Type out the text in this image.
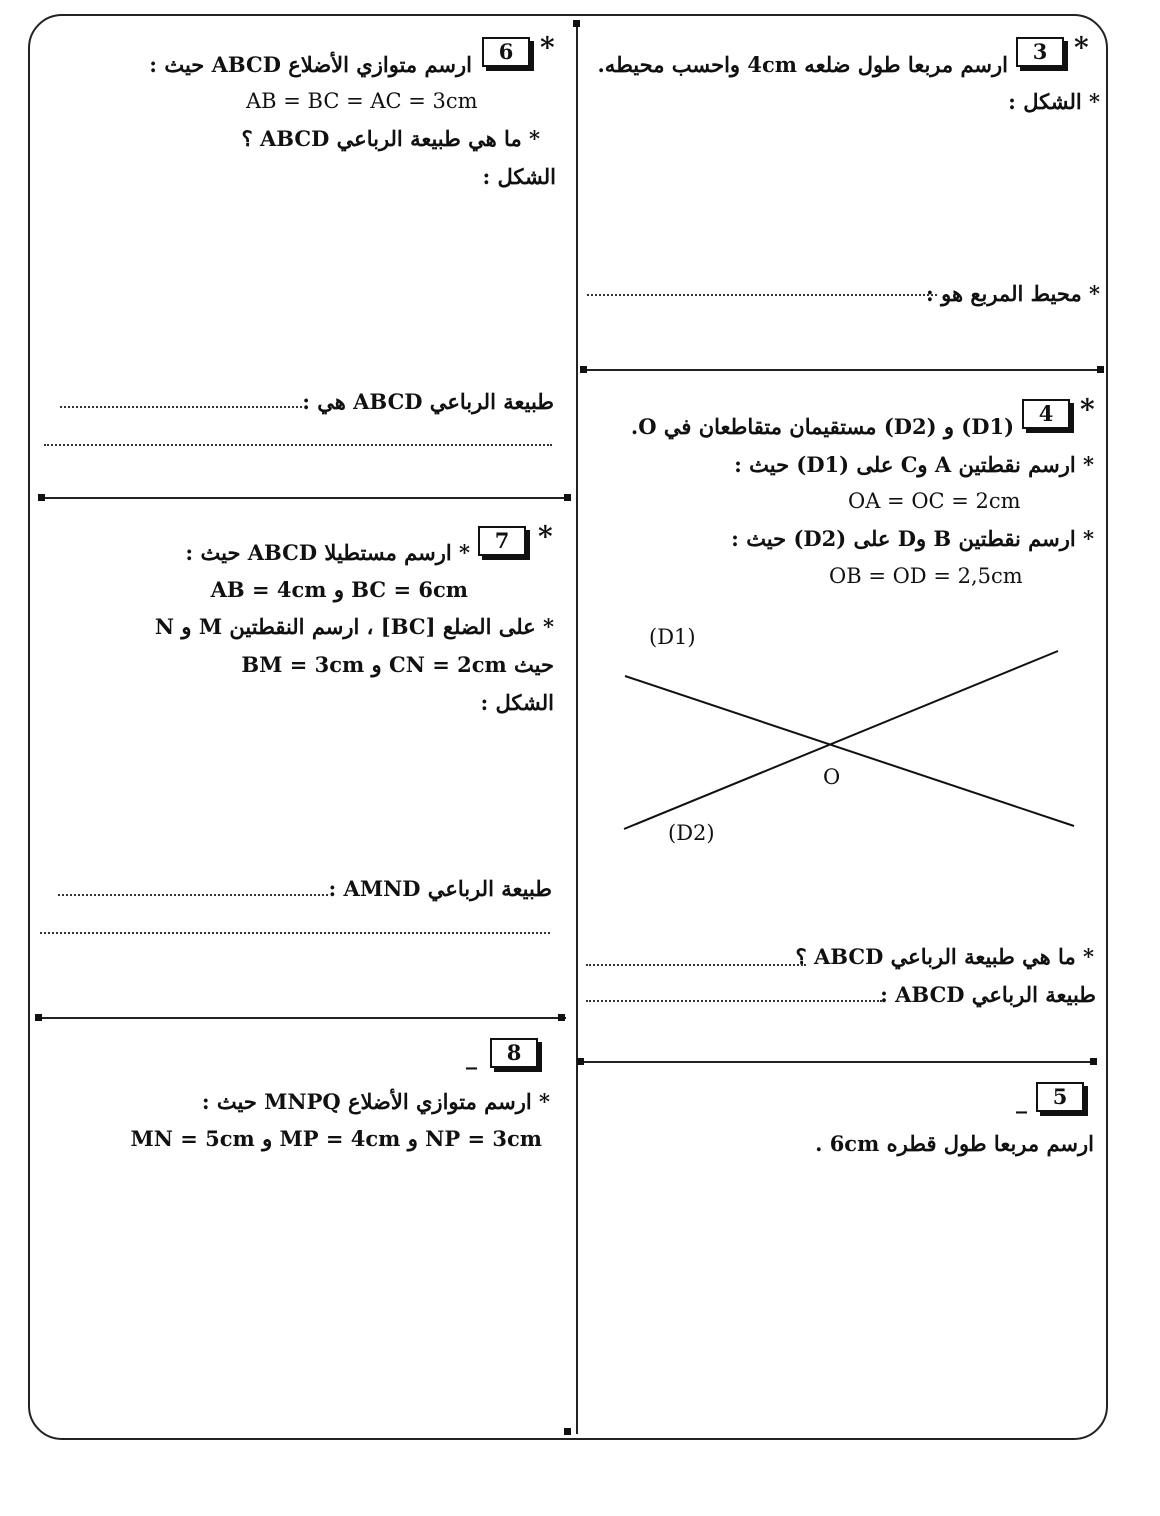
*
3
ارسم مربعا طول ضلعه 4cm واحسب محيطه.
* الشكل :
* محيط المربع هو :
*
4
(D1) و (D2) مستقيمان متقاطعان في O.
* ارسم نقطتين A وC على (D1) حيث :
OA = OC = 2cm
* ارسم نقطتين B وD على (D2) حيث :
OB = OD = 2,5cm
(D1)
(D2)
O
* ما هي طبيعة الرباعي ABCD ؟
طبيعة الرباعي ABCD :
5
_
ارسم مربعا طول قطره 6cm .
*
6
ارسم متوازي الأضلاع ABCD حيث :
AB = BC = AC = 3cm
* ما هي طبيعة الرباعي ABCD ؟
الشكل :
طبيعة الرباعي ABCD هي :
*
7
* ارسم مستطيلا ABCD حيث :
BC = 6cm و AB = 4cm
* على الضلع [BC] ، ارسم النقطتين M و N
حيث CN = 2cm و BM = 3cm
الشكل :
طبيعة الرباعي AMND :
8
_
* ارسم متوازي الأضلاع MNPQ حيث :
NP = 3cm و MP = 4cm و MN = 5cm
